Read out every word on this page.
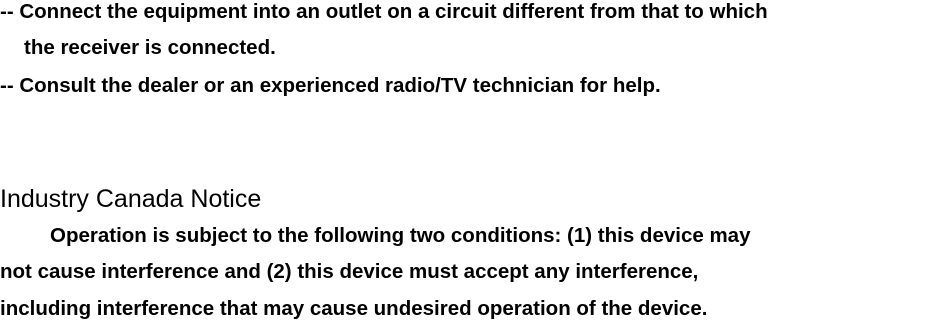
-- Connect the equipment into an outlet on a circuit different from that to which
the receiver is connected.
-- Consult the dealer or an experienced radio/TV technician for help.
Industry Canada Notice
Operation is subject to the following two conditions: (1) this device may
not cause interference and (2) this device must accept any interference,
including interference that may cause undesired operation of the device.
